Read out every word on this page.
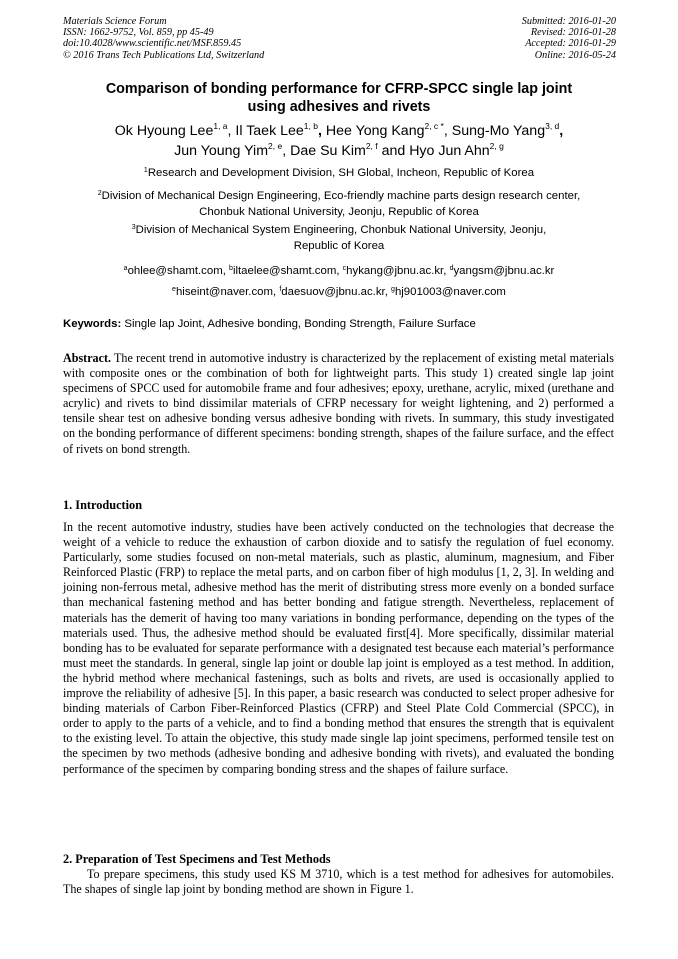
Materials Science Forum
ISSN: 1662-9752, Vol. 859, pp 45-49
doi:10.4028/www.scientific.net/MSF.859.45
© 2016 Trans Tech Publications Ltd, Switzerland
Submitted: 2016-01-20
Revised: 2016-01-28
Accepted: 2016-01-29
Online: 2016-05-24
Comparison of bonding performance for CFRP-SPCC single lap joint
using adhesives and rivets
Ok Hyoung Lee$^{1, a}$, Il Taek Lee$^{1, b}$, Hee Yong Kang$^{2, c *}$, Sung-Mo Yang$^{3, d}$,
Jun Young Yim$^{2, e}$, Dae Su Kim$^{2, f}$ and Hyo Jun Ahn$^{2, g}$
$^1$Research and Development Division, SH Global, Incheon, Republic of Korea
$^2$Division of Mechanical Design Engineering, Eco-friendly machine parts design research center,
Chonbuk National University, Jeonju, Republic of Korea
$^3$Division of Mechanical System Engineering, Chonbuk National University, Jeonju,
Republic of Korea
$^a$ohlee@shamt.com, $^b$iltaelee@shamt.com, $^c$hykang@jbnu.ac.kr, $^d$yangsm@jbnu.ac.kr
$^e$hiseint@naver.com, $^f$daesuov@jbnu.ac.kr, $^g$hj901003@naver.com
Keywords: Single lap Joint, Adhesive bonding, Bonding Strength, Failure Surface
Abstract. The recent trend in automotive industry is characterized by the replacement of existing metal materials with composite ones or the combination of both for lightweight parts. This study 1) created single lap joint specimens of SPCC used for automobile frame and four adhesives; epoxy, urethane, acrylic, mixed (urethane and acrylic) and rivets to bind dissimilar materials of CFRP necessary for weight lightening, and 2) performed a tensile shear test on adhesive bonding versus adhesive bonding with rivets. In summary, this study investigated on the bonding performance of different specimens: bonding strength, shapes of the failure surface, and the effect of rivets on bond strength.
1. Introduction
In the recent automotive industry, studies have been actively conducted on the technologies that decrease the weight of a vehicle to reduce the exhaustion of carbon dioxide and to satisfy the regulation of fuel economy. Particularly, some studies focused on non-metal materials, such as plastic, aluminum, magnesium, and Fiber Reinforced Plastic (FRP) to replace the metal parts, and on carbon fiber of high modulus [1, 2, 3]. In welding and joining non-ferrous metal, adhesive method has the merit of distributing stress more evenly on a bonded surface than mechanical fastening method and has better bonding and fatigue strength. Nevertheless, replacement of materials has the demerit of having too many variations in bonding performance, depending on the types of the materials used. Thus, the adhesive method should be evaluated first[4]. More specifically, dissimilar material bonding has to be evaluated for separate performance with a designated test because each material’s performance must meet the standards. In general, single lap joint or double lap joint is employed as a test method. In addition, the hybrid method where mechanical fastenings, such as bolts and rivets, are used is occasionally applied to improve the reliability of adhesive [5]. In this paper, a basic research was conducted to select proper adhesive for binding materials of Carbon Fiber-Reinforced Plastics (CFRP) and Steel Plate Cold Commercial (SPCC), in order to apply to the parts of a vehicle, and to find a bonding method that ensures the strength that is equivalent to the existing level. To attain the objective, this study made single lap joint specimens, performed tensile test on the specimen by two methods (adhesive bonding and adhesive bonding with rivets), and evaluated the bonding performance of the specimen by comparing bonding stress and the shapes of failure surface.
2. Preparation of Test Specimens and Test Methods
To prepare specimens, this study used KS M 3710, which is a test method for adhesives for automobiles. The shapes of single lap joint by bonding method are shown in Figure 1.
